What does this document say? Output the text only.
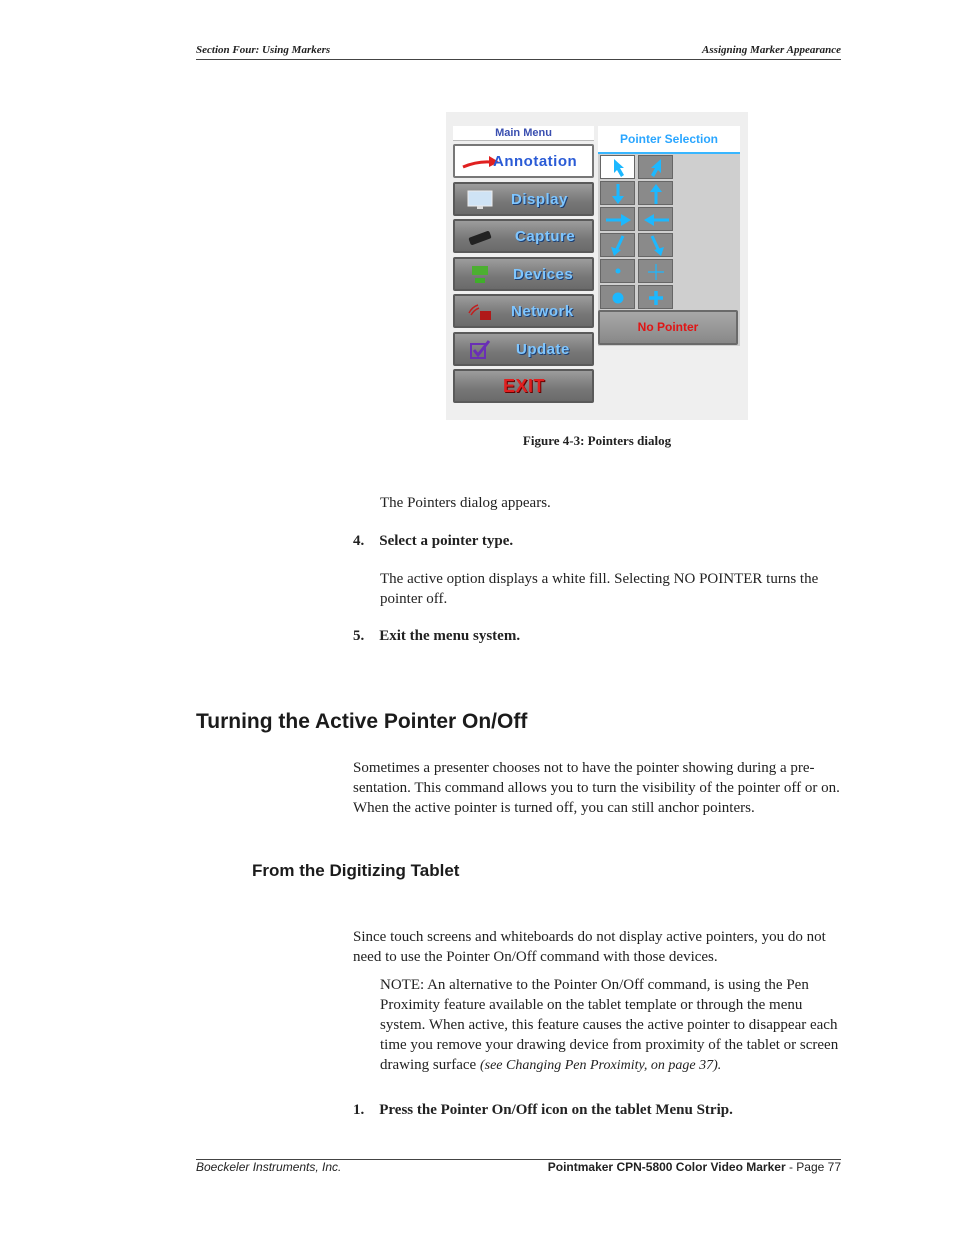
Section Four: Using Markers	Assigning Marker Appearance
Main Menu
Annotation
Display
Capture
Devices
Network
Update
EXIT
Pointer Selection
No Pointer
Figure 4-3: Pointers dialog
The Pointers dialog appears.
4.    Select a pointer type.
The active option displays a white fill. Selecting NO POINTER turns the
pointer off.
5.    Exit the menu system.
Turning the Active Pointer On/Off
Sometimes a presenter chooses not to have the pointer showing during a pre-
sentation. This command allows you to turn the visibility of the pointer off or on.
When the active pointer is turned off, you can still anchor pointers.
From the Digitizing Tablet
Since touch screens and whiteboards do not display active pointers, you do not
need to use the Pointer On/Off command with those devices.
NOTE: An alternative to the Pointer On/Off command, is using the Pen
Proximity feature available on the tablet template or through the menu
system. When active, this feature causes the active pointer to disappear each
time you remove your drawing device from proximity of the tablet or screen
drawing surface (see Changing Pen Proximity, on page 37).
1.    Press the Pointer On/Off icon on the tablet Menu Strip.
Boeckeler Instruments, Inc.	Pointmaker CPN-5800 Color Video Marker - Page 77
